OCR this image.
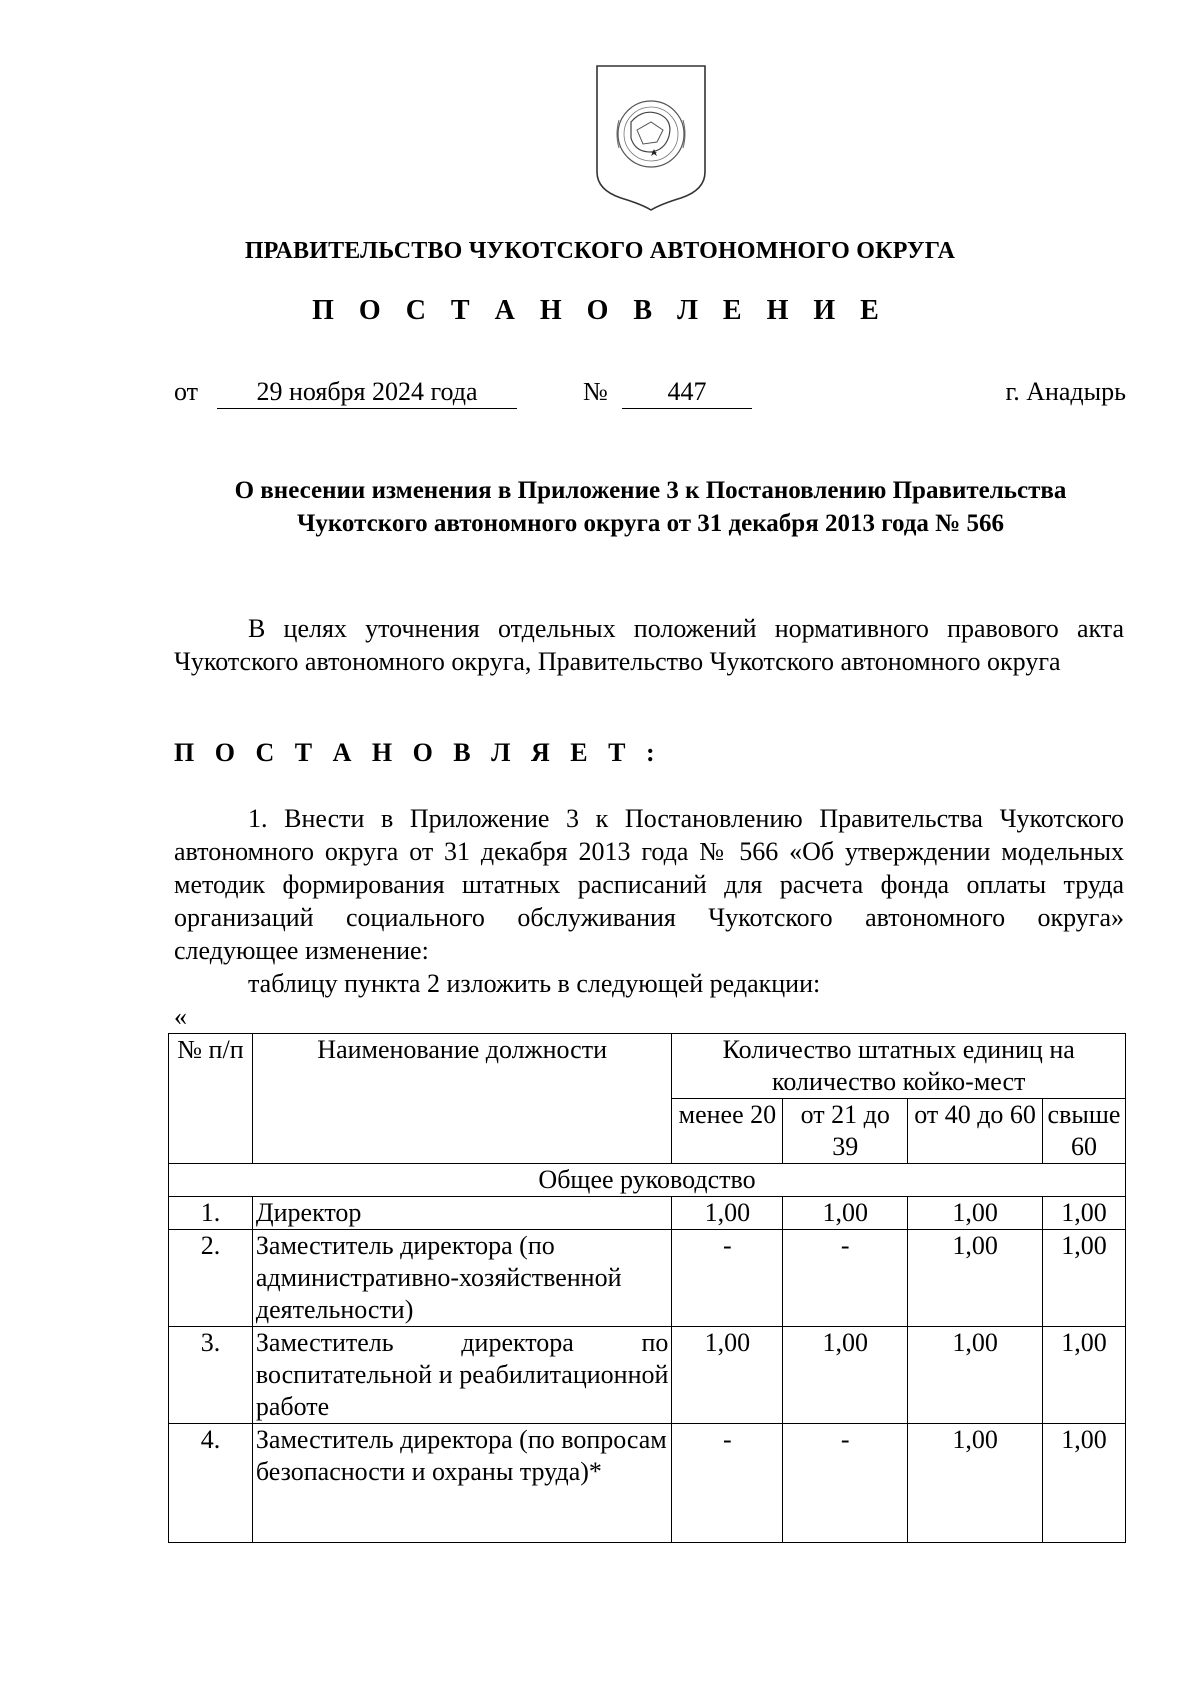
ПРАВИТЕЛЬСТВО ЧУКОТСКОГО АВТОНОМНОГО ОКРУГА
П О С Т А Н О В Л Е Н И Е
от	29 ноября 2024 года	№	447	г. Анадырь
О внесении изменения в Приложение 3 к Постановлению Правительства
Чукотского автономного округа от 31 декабря 2013 года № 566

В целях уточнения отдельных положений нормативного правового акта Чукотского автономного округа, Правительство Чукотского автономного округа

П О С Т А Н О В Л Я Е Т :

1. Внести в Приложение 3 к Постановлению Правительства Чукотского автономного округа от 31 декабря 2013 года № 566 «Об утверждении модельных методик формирования штатных расписаний для расчета фонда оплаты труда организаций социального обслуживания Чукотского автономного округа» следующее изменение:

таблицу пункта 2 изложить в следующей редакции:

«
№ п/п	Наименование должности	Количество штатных единиц на количество койко-мест			
		менее 20	от 21 до 39	от 40 до 60	свыше 60
Общее руководство					
1.	Директор	1,00	1,00	1,00	1,00
2.	Заместитель директора (по административно-хозяйственной деятельности)	-	-	1,00	1,00
3.	Заместитель директора по воспитательной и реабилитационной работе	1,00	1,00	1,00	1,00
4.	Заместитель директора (по вопросам безопасности и охраны труда)*	-	-	1,00	1,00
